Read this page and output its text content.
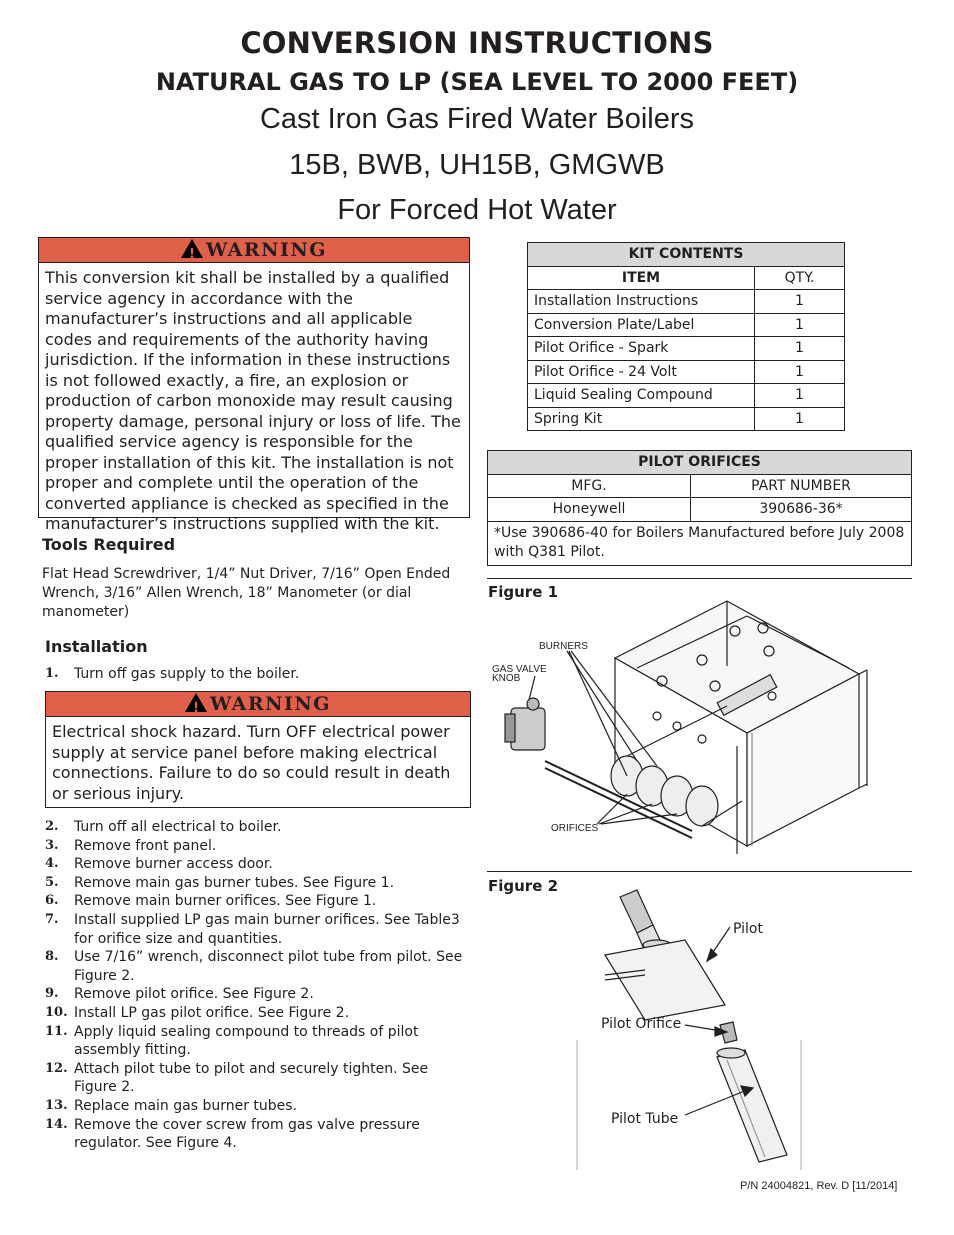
CONVERSION INSTRUCTIONS
NATURAL GAS TO LP (SEA LEVEL TO 2000 FEET)
Cast Iron Gas Fired Water Boilers
15B, BWB, UH15B, GMGWB
For Forced Hot Water
!WARNING
This conversion kit shall be installed by a qualified service agency in accordance with the manufacturer’s instructions and all applicable codes and requirements of the authority having jurisdiction. If the information in these instructions is not followed exactly, a fire, an explosion or production of carbon monoxide may result causing property damage, personal injury or loss of life. The qualified service agency is responsible for the proper installation of this kit. The installation is not proper and complete until the operation of the converted appliance is checked as specified in the manufacturer’s instructions supplied with the kit.
KIT CONTENTS	
ITEM	QTY.
Installation Instructions	1
Conversion Plate/Label	1
Pilot Orifice - Spark	1
Pilot Orifice - 24 Volt	1
Liquid Sealing Compound	1
Spring Kit	1
PILOT ORIFICES	
MFG.	PART NUMBER
Honeywell	390686-36*
*Use 390686-40 for Boilers Manufactured before July 2008 with Q381 Pilot.	
Tools Required
Flat Head Screwdriver, 1/4” Nut Driver, 7/16” Open Ended Wrench, 3/16” Allen Wrench, 18” Manometer (or dial manometer)
Installation
1.	Turn off gas supply to the boiler.
!WARNING
Electrical shock hazard. Turn OFF electrical power supply at service panel before making electrical connections. Failure to do so could result in death or serious injury.
2.	Turn off all electrical to boiler.
3.	Remove front panel.
4.	Remove burner access door.
5.	Remove main gas burner tubes. See Figure 1.
6.	Remove main burner orifices. See Figure 1.
7.	Install supplied LP gas main burner orifices. See Table3 for orifice size and quantities.
8.	Use 7/16” wrench, disconnect pilot tube from pilot. See Figure 2.
9.	Remove pilot orifice. See Figure 2.
10. Install LP gas pilot orifice. See Figure 2.
11. Apply liquid sealing compound to threads of pilot assembly fitting.
12. Attach pilot tube to pilot and securely tighten. See Figure 2.
13. Replace main gas burner tubes.
14. Remove the cover screw from gas valve pressure regulator. See Figure 4.
Figure 1
BURNERS
GAS VALVE
KNOB
ORIFICES
Figure 2
Pilot
Pilot Orifice
Pilot Tube
P/N 24004821, Rev. D [11/2014]
